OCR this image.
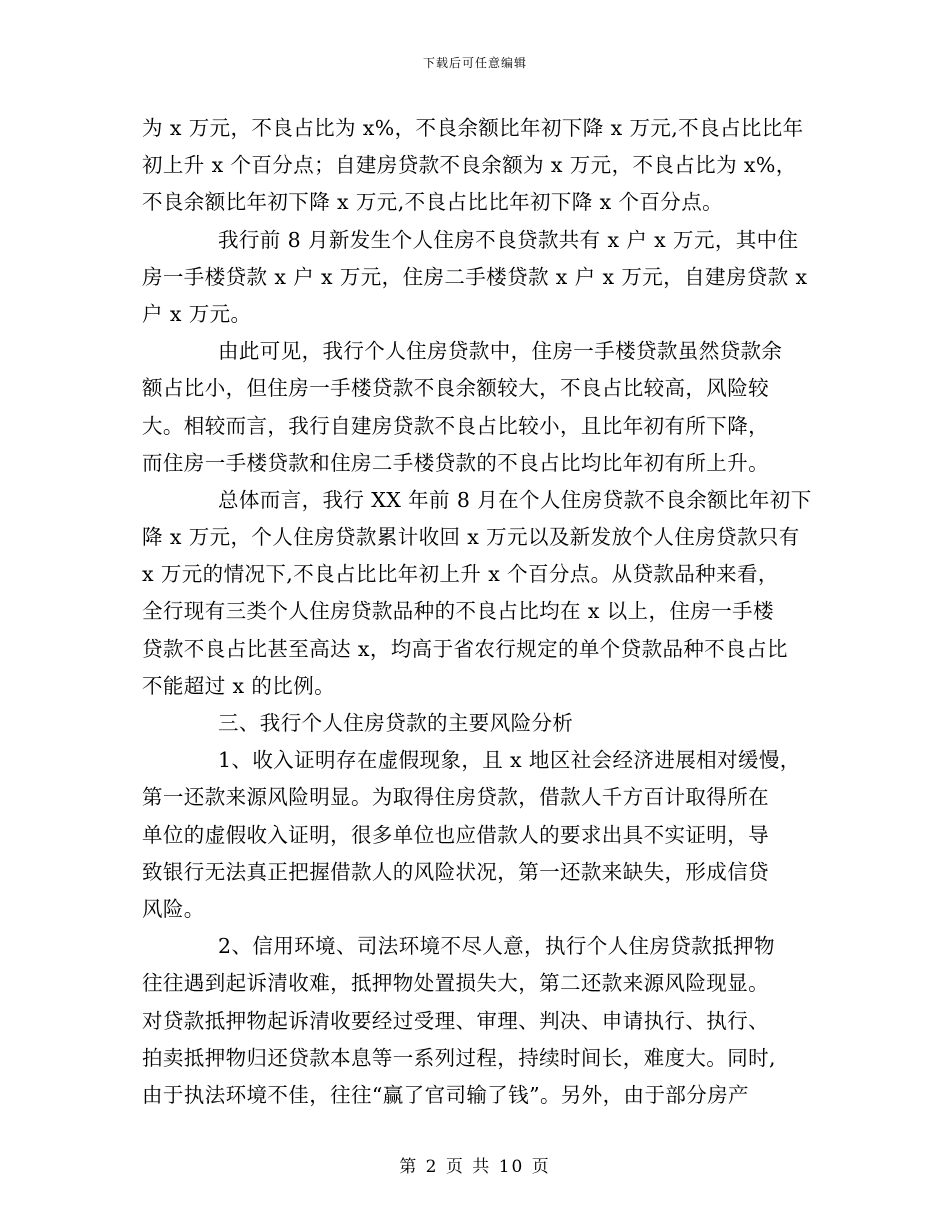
下载后可任意编辑
为 x 万元，不良占比为 x%，不良余额比年初下降 x 万元,不良占比比年
初上升 x 个百分点；自建房贷款不良余额为 x 万元，不良占比为 x%，
不良余额比年初下降 x 万元,不良占比比年初下降 x 个百分点。
我行前 8 月新发生个人住房不良贷款共有 x 户 x 万元，其中住
房一手楼贷款 x 户 x 万元，住房二手楼贷款 x 户 x 万元，自建房贷款 x
户 x 万元。
由此可见，我行个人住房贷款中，住房一手楼贷款虽然贷款余
额占比小，但住房一手楼贷款不良余额较大，不良占比较高，风险较
大。相较而言，我行自建房贷款不良占比较小，且比年初有所下降，
而住房一手楼贷款和住房二手楼贷款的不良占比均比年初有所上升。
总体而言，我行 XX 年前 8 月在个人住房贷款不良余额比年初下
降 x 万元，个人住房贷款累计收回 x 万元以及新发放个人住房贷款只有
x 万元的情况下,不良占比比年初上升 x 个百分点。从贷款品种来看，
全行现有三类个人住房贷款品种的不良占比均在 x 以上，住房一手楼
贷款不良占比甚至高达 x，均高于省农行规定的单个贷款品种不良占比
不能超过 x 的比例。
三、我行个人住房贷款的主要风险分析
1、收入证明存在虚假现象，且 x 地区社会经济进展相对缓慢，
第一还款来源风险明显。为取得住房贷款，借款人千方百计取得所在
单位的虚假收入证明，很多单位也应借款人的要求出具不实证明，导
致银行无法真正把握借款人的风险状况，第一还款来缺失，形成信贷
风险。
2、信用环境、司法环境不尽人意，执行个人住房贷款抵押物
往往遇到起诉清收难，抵押物处置损失大，第二还款来源风险现显。
对贷款抵押物起诉清收要经过受理、审理、判决、申请执行、执行、
拍卖抵押物归还贷款本息等一系列过程，持续时间长，难度大。同时,
由于执法环境不佳，往往“赢了官司输了钱”。另外，由于部分房产
第 2 页 共 10 页
